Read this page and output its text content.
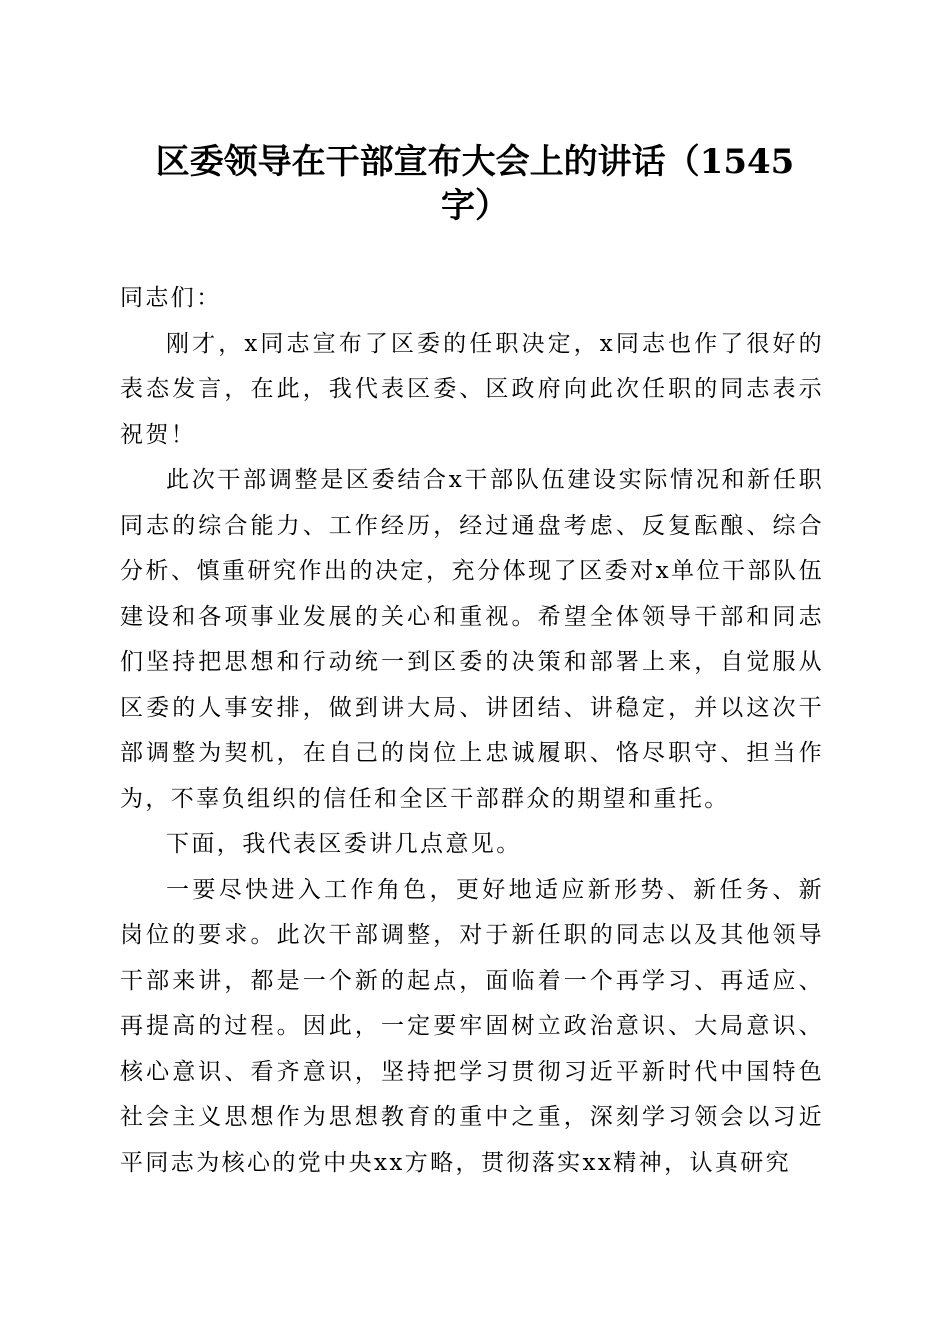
区委领导在干部宣布大会上的讲话（1545
字）

同志们：

刚才，x同志宣布了区委的任职决定，x同志也作了很好的表态发言，在此，我代表区委、区政府向此次任职的同志表示祝贺！

此次干部调整是区委结合x干部队伍建设实际情况和新任职同志的综合能力、工作经历，经过通盘考虑、反复酝酿、综合分析、慎重研究作出的决定，充分体现了区委对x单位干部队伍建设和各项事业发展的关心和重视。希望全体领导干部和同志们坚持把思想和行动统一到区委的决策和部署上来，自觉服从区委的人事安排，做到讲大局、讲团结、讲稳定，并以这次干部调整为契机，在自己的岗位上忠诚履职、恪尽职守、担当作为，不辜负组织的信任和全区干部群众的期望和重托。

下面，我代表区委讲几点意见。

一要尽快进入工作角色，更好地适应新形势、新任务、新岗位的要求。此次干部调整，对于新任职的同志以及其他领导干部来讲，都是一个新的起点，面临着一个再学习、再适应、再提高的过程。因此，一定要牢固树立政治意识、大局意识、核心意识、看齐意识，坚持把学习贯彻习近平新时代中国特色社会主义思想作为思想教育的重中之重，深刻学习领会以习近平同志为核心的党中央xx方略，贯彻落实xx精神，认真研究
